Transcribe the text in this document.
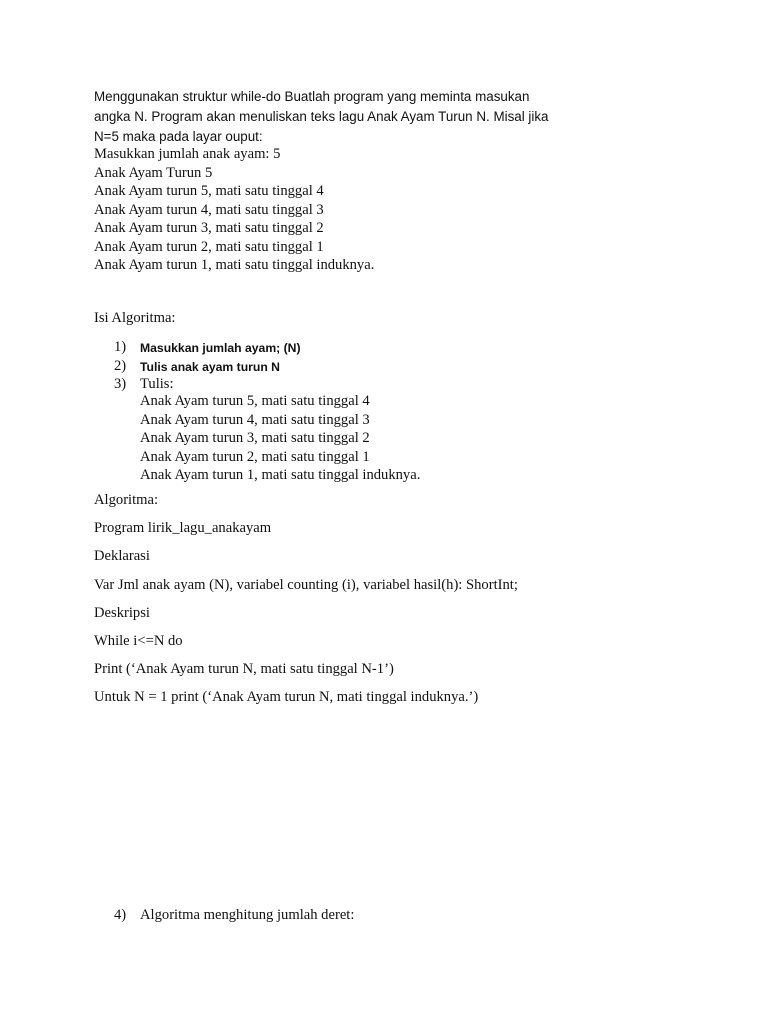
Menggunakan struktur while-do Buatlah program yang meminta masukan
angka N. Program akan menuliskan teks lagu Anak Ayam Turun N. Misal jika
N=5 maka pada layar ouput:
Masukkan jumlah anak ayam: 5
Anak Ayam Turun 5
Anak Ayam turun 5, mati satu tinggal 4
Anak Ayam turun 4, mati satu tinggal 3
Anak Ayam turun 3, mati satu tinggal 2
Anak Ayam turun 2, mati satu tinggal 1
Anak Ayam turun 1, mati satu tinggal induknya.
Isi Algoritma:
1)	Masukkan jumlah ayam; (N)
2)	Tulis anak ayam turun N
3) Tulis:
Anak Ayam turun 5, mati satu tinggal 4
Anak Ayam turun 4, mati satu tinggal 3
Anak Ayam turun 3, mati satu tinggal 2
Anak Ayam turun 2, mati satu tinggal 1
Anak Ayam turun 1, mati satu tinggal induknya.
Algoritma:
Program lirik_lagu_anakayam
Deklarasi
Var Jml anak ayam (N), variabel counting (i), variabel hasil(h): ShortInt;
Deskripsi
While i<=N do
Print (‘Anak Ayam turun N, mati satu tinggal N-1’)
Untuk N = 1 print (‘Anak Ayam turun N, mati tinggal induknya.’)
4) Algoritma menghitung jumlah deret:
